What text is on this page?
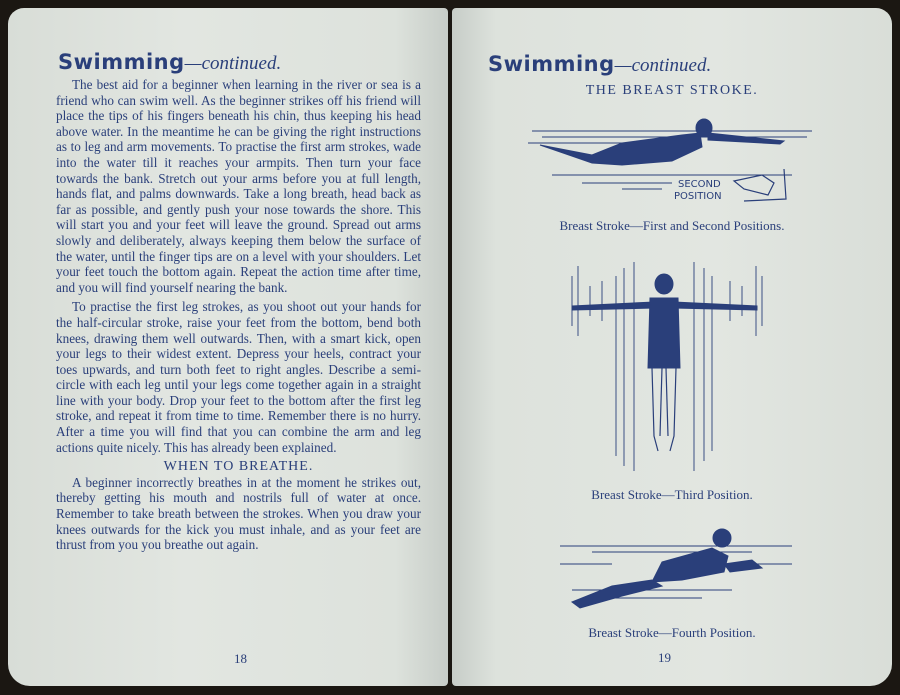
Swimming—continued.

The best aid for a beginner when learning in the river or sea is a friend who can swim well. As the beginner strikes off his friend will place the tips of his fingers beneath his chin, thus keeping his head above water. In the meantime he can be giving the right instructions as to leg and arm movements. To practise the first arm strokes, wade into the water till it reaches your armpits. Then turn your face towards the bank. Stretch out your arms before you at full length, hands flat, and palms downwards. Take a long breath, head back as far as possible, and gently push your nose towards the shore. This will start you and your feet will leave the ground. Spread out arms slowly and deliberately, always keeping them below the surface of the water, until the finger tips are on a level with your shoulders. Let your feet touch the bottom again. Repeat the action time after time, and you will find yourself nearing the bank.

To practise the first leg strokes, as you shoot out your hands for the half-circular stroke, raise your feet from the bottom, bend both knees, drawing them well outwards. Then, with a smart kick, open your legs to their widest extent. Depress your heels, contract your toes upwards, and turn both feet to right angles. Describe a semi-circle with each leg until your legs come together again in a straight line with your body. Drop your feet to the bottom after the first leg stroke, and repeat it from time to time. Remember there is no hurry. After a time you will find that you can combine the arm and leg actions quite nicely. This has already been explained.

WHEN TO BREATHE.

A beginner incorrectly breathes in at the moment he strikes out, thereby getting his mouth and nostrils full of water at once. Remember to take breath between the strokes. When you draw your knees outwards for the kick you must inhale, and as your feet are thrust from you you breathe out again.

18
Swimming—continued.
THE BREAST STROKE.
SECOND
POSITION
Breast Stroke—First and Second Positions.
Breast Stroke—Third Position.
Breast Stroke—Fourth Position.
19
